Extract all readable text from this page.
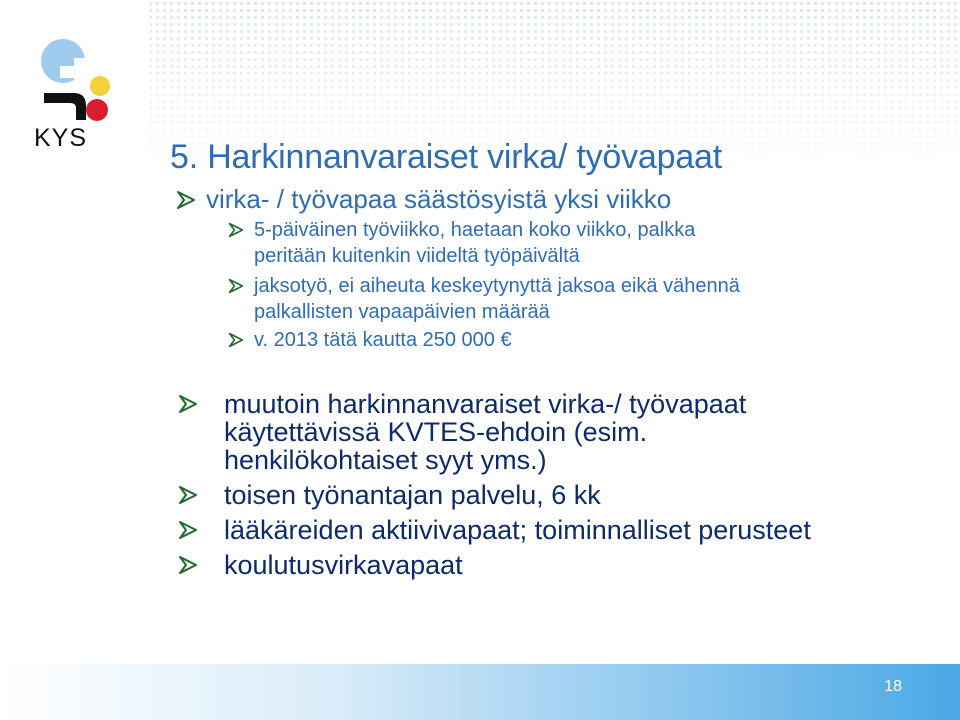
KYS 5. Harkinnanvaraiset virka/ työvapaat
virka- / työvapaa säästösyistä yksi viikko
5-päiväinen työviikko, haetaan koko viikko, palkka
peritään kuitenkin viideltä työpäivältä
jaksotyö, ei aiheuta keskeytynyttä jaksoa eikä vähennä
palkallisten vapaapäivien määrää
v. 2013 tätä kautta 250 000 €
muutoin harkinnanvaraiset virka-/ työvapaat
käytettävissä KVTES-ehdoin (esim.
henkilökohtaiset syyt yms.)
toisen työnantajan palvelu, 6 kk
lääkäreiden aktiivivapaat; toiminnalliset perusteet
koulutusvirkavapaat
18
